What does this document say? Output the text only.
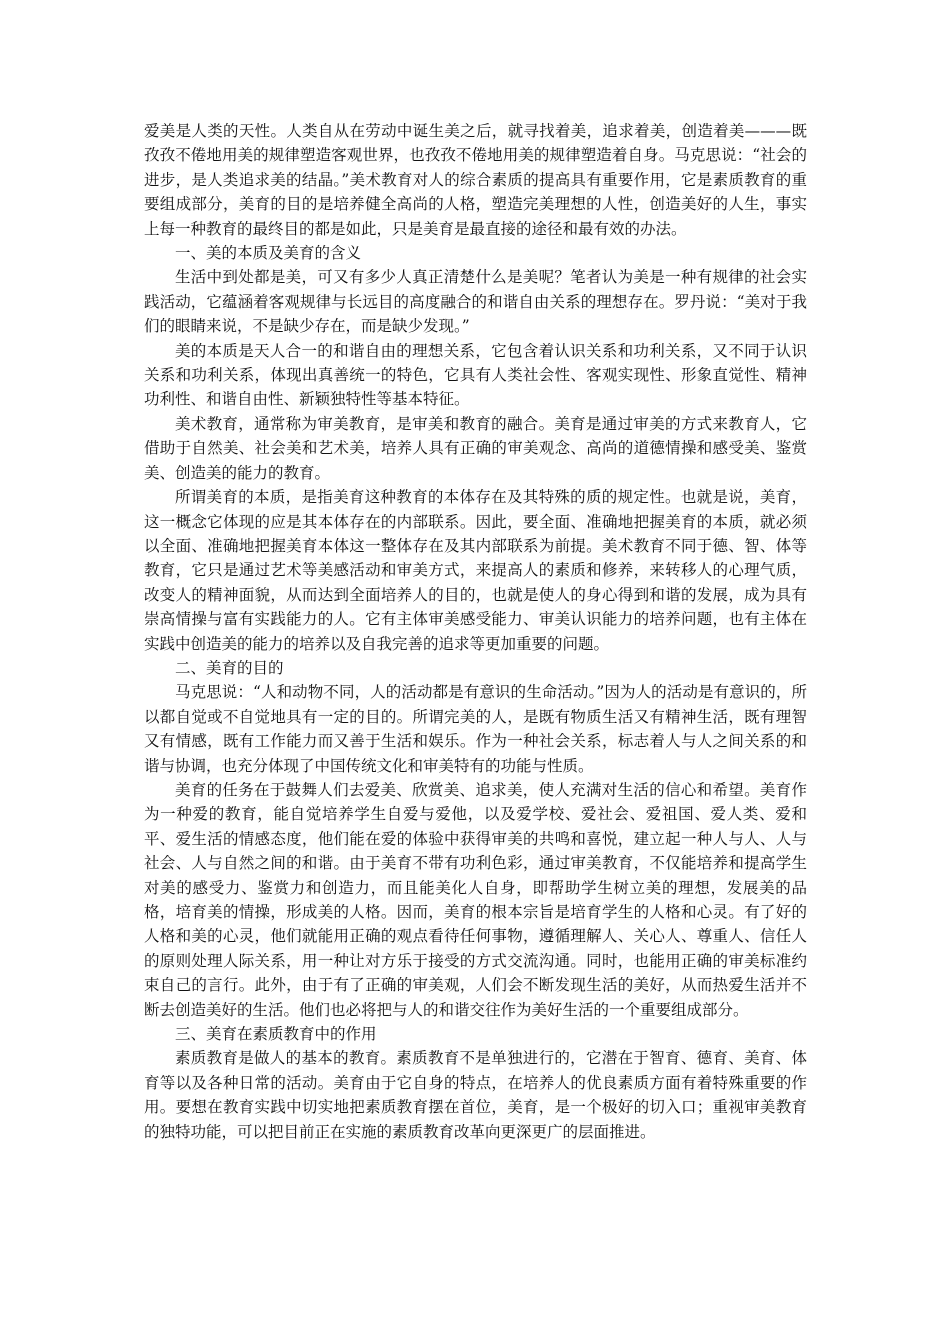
爱美是人类的天性。人类自从在劳动中诞生美之后，就寻找着美，追求着美，创造着美———既孜孜不倦地用美的规律塑造客观世界，也孜孜不倦地用美的规律塑造着自身。马克思说：“社会的进步，是人类追求美的结晶。”美术教育对人的综合素质的提高具有重要作用，它是素质教育的重要组成部分，美育的目的是培养健全高尚的人格，塑造完美理想的人性，创造美好的人生，事实上每一种教育的最终目的都是如此，只是美育是最直接的途径和最有效的办法。

一、美的本质及美育的含义

生活中到处都是美，可又有多少人真正清楚什么是美呢？笔者认为美是一种有规律的社会实践活动，它蕴涵着客观规律与长远目的高度融合的和谐自由关系的理想存在。罗丹说：“美对于我们的眼睛来说，不是缺少存在，而是缺少发现。”

美的本质是天人合一的和谐自由的理想关系，它包含着认识关系和功利关系，又不同于认识关系和功利关系，体现出真善统一的特色，它具有人类社会性、客观实现性、形象直觉性、精神功利性、和谐自由性、新颖独特性等基本特征。

美术教育，通常称为审美教育，是审美和教育的融合。美育是通过审美的方式来教育人，它借助于自然美、社会美和艺术美，培养人具有正确的审美观念、高尚的道德情操和感受美、鉴赏美、创造美的能力的教育。

所谓美育的本质，是指美育这种教育的本体存在及其特殊的质的规定性。也就是说，美育，这一概念它体现的应是其本体存在的内部联系。因此，要全面、准确地把握美育的本质，就必须以全面、准确地把握美育本体这一整体存在及其内部联系为前提。美术教育不同于德、智、体等教育，它只是通过艺术等美感活动和审美方式，来提高人的素质和修养，来转移人的心理气质，改变人的精神面貌，从而达到全面培养人的目的，也就是使人的身心得到和谐的发展，成为具有崇高情操与富有实践能力的人。它有主体审美感受能力、审美认识能力的培养问题，也有主体在实践中创造美的能力的培养以及自我完善的追求等更加重要的问题。

二、美育的目的

马克思说：“人和动物不同，人的活动都是有意识的生命活动。”因为人的活动是有意识的，所以都自觉或不自觉地具有一定的目的。所谓完美的人，是既有物质生活又有精神生活，既有理智又有情感，既有工作能力而又善于生活和娱乐。作为一种社会关系，标志着人与人之间关系的和谐与协调，也充分体现了中国传统文化和审美特有的功能与性质。

美育的任务在于鼓舞人们去爱美、欣赏美、追求美，使人充满对生活的信心和希望。美育作为一种爱的教育，能自觉培养学生自爱与爱他，以及爱学校、爱社会、爱祖国、爱人类、爱和平、爱生活的情感态度，他们能在爱的体验中获得审美的共鸣和喜悦，建立起一种人与人、人与社会、人与自然之间的和谐。由于美育不带有功利色彩，通过审美教育，不仅能培养和提高学生对美的感受力、鉴赏力和创造力，而且能美化人自身，即帮助学生树立美的理想，发展美的品格，培育美的情操，形成美的人格。因而，美育的根本宗旨是培育学生的人格和心灵。有了好的人格和美的心灵，他们就能用正确的观点看待任何事物，遵循理解人、关心人、尊重人、信任人的原则处理人际关系，用一种让对方乐于接受的方式交流沟通。同时，也能用正确的审美标准约束自己的言行。此外，由于有了正确的审美观，人们会不断发现生活的美好，从而热爱生活并不断去创造美好的生活。他们也必将把与人的和谐交往作为美好生活的一个重要组成部分。

三、美育在素质教育中的作用

素质教育是做人的基本的教育。素质教育不是单独进行的，它潜在于智育、德育、美育、体育等以及各种日常的活动。美育由于它自身的特点，在培养人的优良素质方面有着特殊重要的作用。要想在教育实践中切实地把素质教育摆在首位，美育，是一个极好的切入口；重视审美教育的独特功能，可以把目前正在实施的素质教育改革向更深更广的层面推进。
